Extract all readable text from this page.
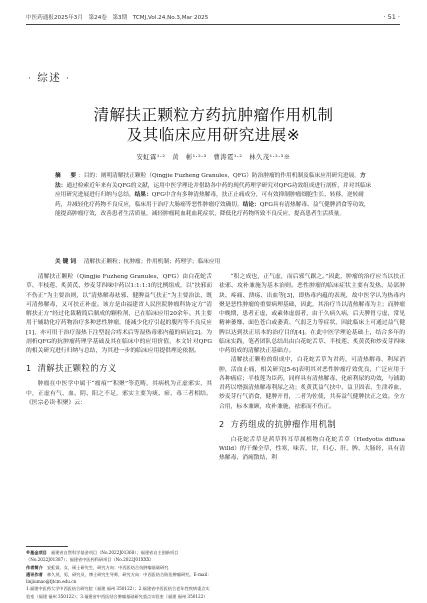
中医药通报2025年3月　第24卷　第3期　TCMJ,Vol.24,No.3,Mar 2025	· 51 ·
· 综述 ·
清解扶正颗粒方药抗肿瘤作用机制
及其临床应用研究进展※
安虹霖¹·²　黄　彬¹·²·³　曹涛霓¹·²　林久茂¹·²·³※
摘　要：目的：阐明清解扶正颗粒（Qingjie Fuzheng Granules，QFG）防治肿瘤的作用机制及临床应用研究进展。方法：通过检索近年来有关QFG的文献，运用中医学理论并借助各中药的现代药理学研究对QFG功效组成进行剖析，并对其临床应用研究进展进行归纳与总结。结果：QFG中含有多种清热解毒，扶正止痛成分，可有效抑制肿瘤细胞生长、转移，逆转耐药，并减轻化疗药物不良反应，临床用于治疗大肠癌等恶性肿瘤疗效确切。结论：QFG具有清热解毒、益气健脾消食等功效，能提高肿瘤疗效，改善患者生活质量，减轻肿瘤耗血耗血耗症状，降低化疗药物所致不良反应，提高患者生活质量。
关键词　 清解扶正颗粒；抗肿瘤；作用机制；药理学；临床应用

清解扶正颗粒（Qingjie Fuzheng Granules，QFG）由白花蛇舌草、半枝莲、炙黄芪、炒麦芽四味中药以1:1:1:1的比例组成，以“扶邪而不伤正”为主要治则，以“清热解毒祛邪、健脾益气扶正”为主要治法，既可清热解毒，又可扶正补虚。该方是由福建省人民医院肿瘤科协定方“清解扶正方”经过化裁精简后制成的颗粒剂，已在临床应用20余年。其主要用于辅助化疗药物治疗多种恶性肿瘤，能减少化疗引起的腹泻等不良反应[1]，亦可用于治疗湿热下注型混合痔术后等湿热毒邪内蕴的病证[2]。为剖析QFG的抗肿瘤药理学基础及其在临床中的应用价值，本文针对QFG的相关研究进行归纳与总结，为其进一步的临床应用提供理论依据。

1 清解扶正颗粒的方义

肿瘤在中医学中属于“瘤痕”“积聚”等范畴，其病机为正虚邪实，其中，正虚有气、血、阴、阳之不足，邪实主要为痰、瘀、毒三者相结。《医宗必读·积聚》云：

“积之成也，正气虚，而后邪气踞之。”因此，肿瘤的治疗应当以扶正祛邪、攻补兼施为基本治则。恶性肿瘤的临床症状主要有发热、局部肿块、疼痛、溃疡、出血等[3]，即热毒内蕴的表现，故中医学认为热毒内聚是恶性肿瘤的重要病理基础，因此，其治疗当以清热解毒为主；而肿瘤中晚期，患者正虚，或素体虚弱者，由于久病久病，后天脾胃亏虚，常见精神萎靡、面色苍白或萎黄、气弱乏力等症状，因此临床上可通过益气健脾以达到扶正培本的治疗目的[4]。在此中医学理论基础上，结合多年的临床实践，笔者团队总结出由白花蛇舌草、半枝莲、炙黄芪和炒麦芽四味中药组成的清解扶正基础方。

清解扶正颗粒的组成中，白花蛇舌草为君药，可清热解毒，利尿消肿，活血止痛，相关研究[5-6]表明其对恶性肿瘤疗效优良，广泛应用于各种癌症；半枝莲为臣药，同样具有清热解毒、化瘀利尿的功效，与铺助君药以增强清热解毒利尿之功；炙黄芪益气扶中、益卫固表、生津养血，炒麦芽行气消食，健脾开胃，二者为佐使，共奏益气健脾扶正之效。全方合用，标本兼顾，攻补兼施，祛邪而不伤正。

2 方药组成的抗肿瘤作用机制

白花蛇舌草是茜草科耳草属植物白花蛇舌草（Hedyotis diffusa Willd）的干燥全草，性寒，味苦、甘，归心、肝、脾、大肠经，具有清热解毒、消痈散结，利

※基金项目　 福建省自然科学基金项目（No.2022J01368）；福建省自主创新项目（No.2022J01387）；福建省中医药科研项目（No.2022J01XXX）
作者简介　 安虹霖，女，硕士研究生，研究方向：中西医结合抗肿瘤基础研究
通讯作者　 林久茂，男，研究员，博士研究生导师，研究方向：中西医结合防治肿瘤研究。E-mail：linjiumao@fjtcm.edu.cn
1.福建中医药大学中西医结合研究院（福建 福州 350122）；2.福建省中西医结合老年性疾病重点实验室（福建 福州 350122）；3.福建省中西医结合肿瘤基础研究重点实验室（福建 福州 350122）
